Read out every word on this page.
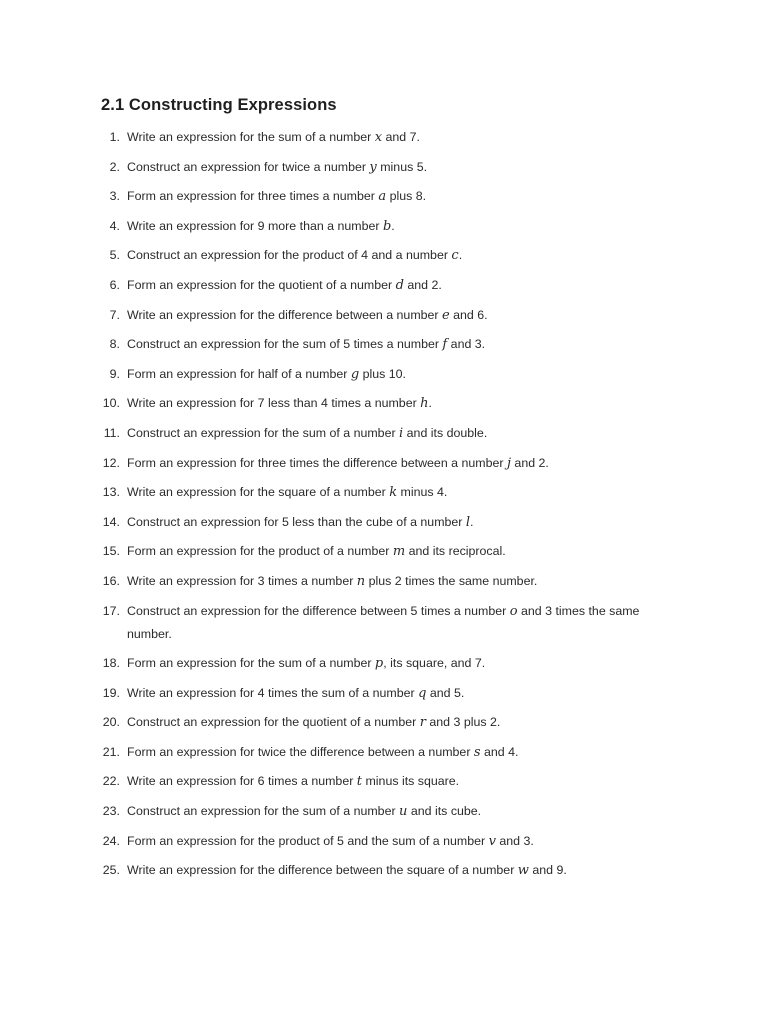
2.1 Constructing Expressions
1. Write an expression for the sum of a number x and 7.
2. Construct an expression for twice a number y minus 5.
3. Form an expression for three times a number a plus 8.
4. Write an expression for 9 more than a number b.
5. Construct an expression for the product of 4 and a number c.
6. Form an expression for the quotient of a number d and 2.
7. Write an expression for the difference between a number e and 6.
8. Construct an expression for the sum of 5 times a number f and 3.
9. Form an expression for half of a number g plus 10.
10. Write an expression for 7 less than 4 times a number h.
11. Construct an expression for the sum of a number i and its double.
12. Form an expression for three times the difference between a number j and 2.
13. Write an expression for the square of a number k minus 4.
14. Construct an expression for 5 less than the cube of a number l.
15. Form an expression for the product of a number m and its reciprocal.
16. Write an expression for 3 times a number n plus 2 times the same number.
17. Construct an expression for the difference between 5 times a number o and 3 times the same number.
18. Form an expression for the sum of a number p, its square, and 7.
19. Write an expression for 4 times the sum of a number q and 5.
20. Construct an expression for the quotient of a number r and 3 plus 2.
21. Form an expression for twice the difference between a number s and 4.
22. Write an expression for 6 times a number t minus its square.
23. Construct an expression for the sum of a number u and its cube.
24. Form an expression for the product of 5 and the sum of a number v and 3.
25. Write an expression for the difference between the square of a number w and 9.
